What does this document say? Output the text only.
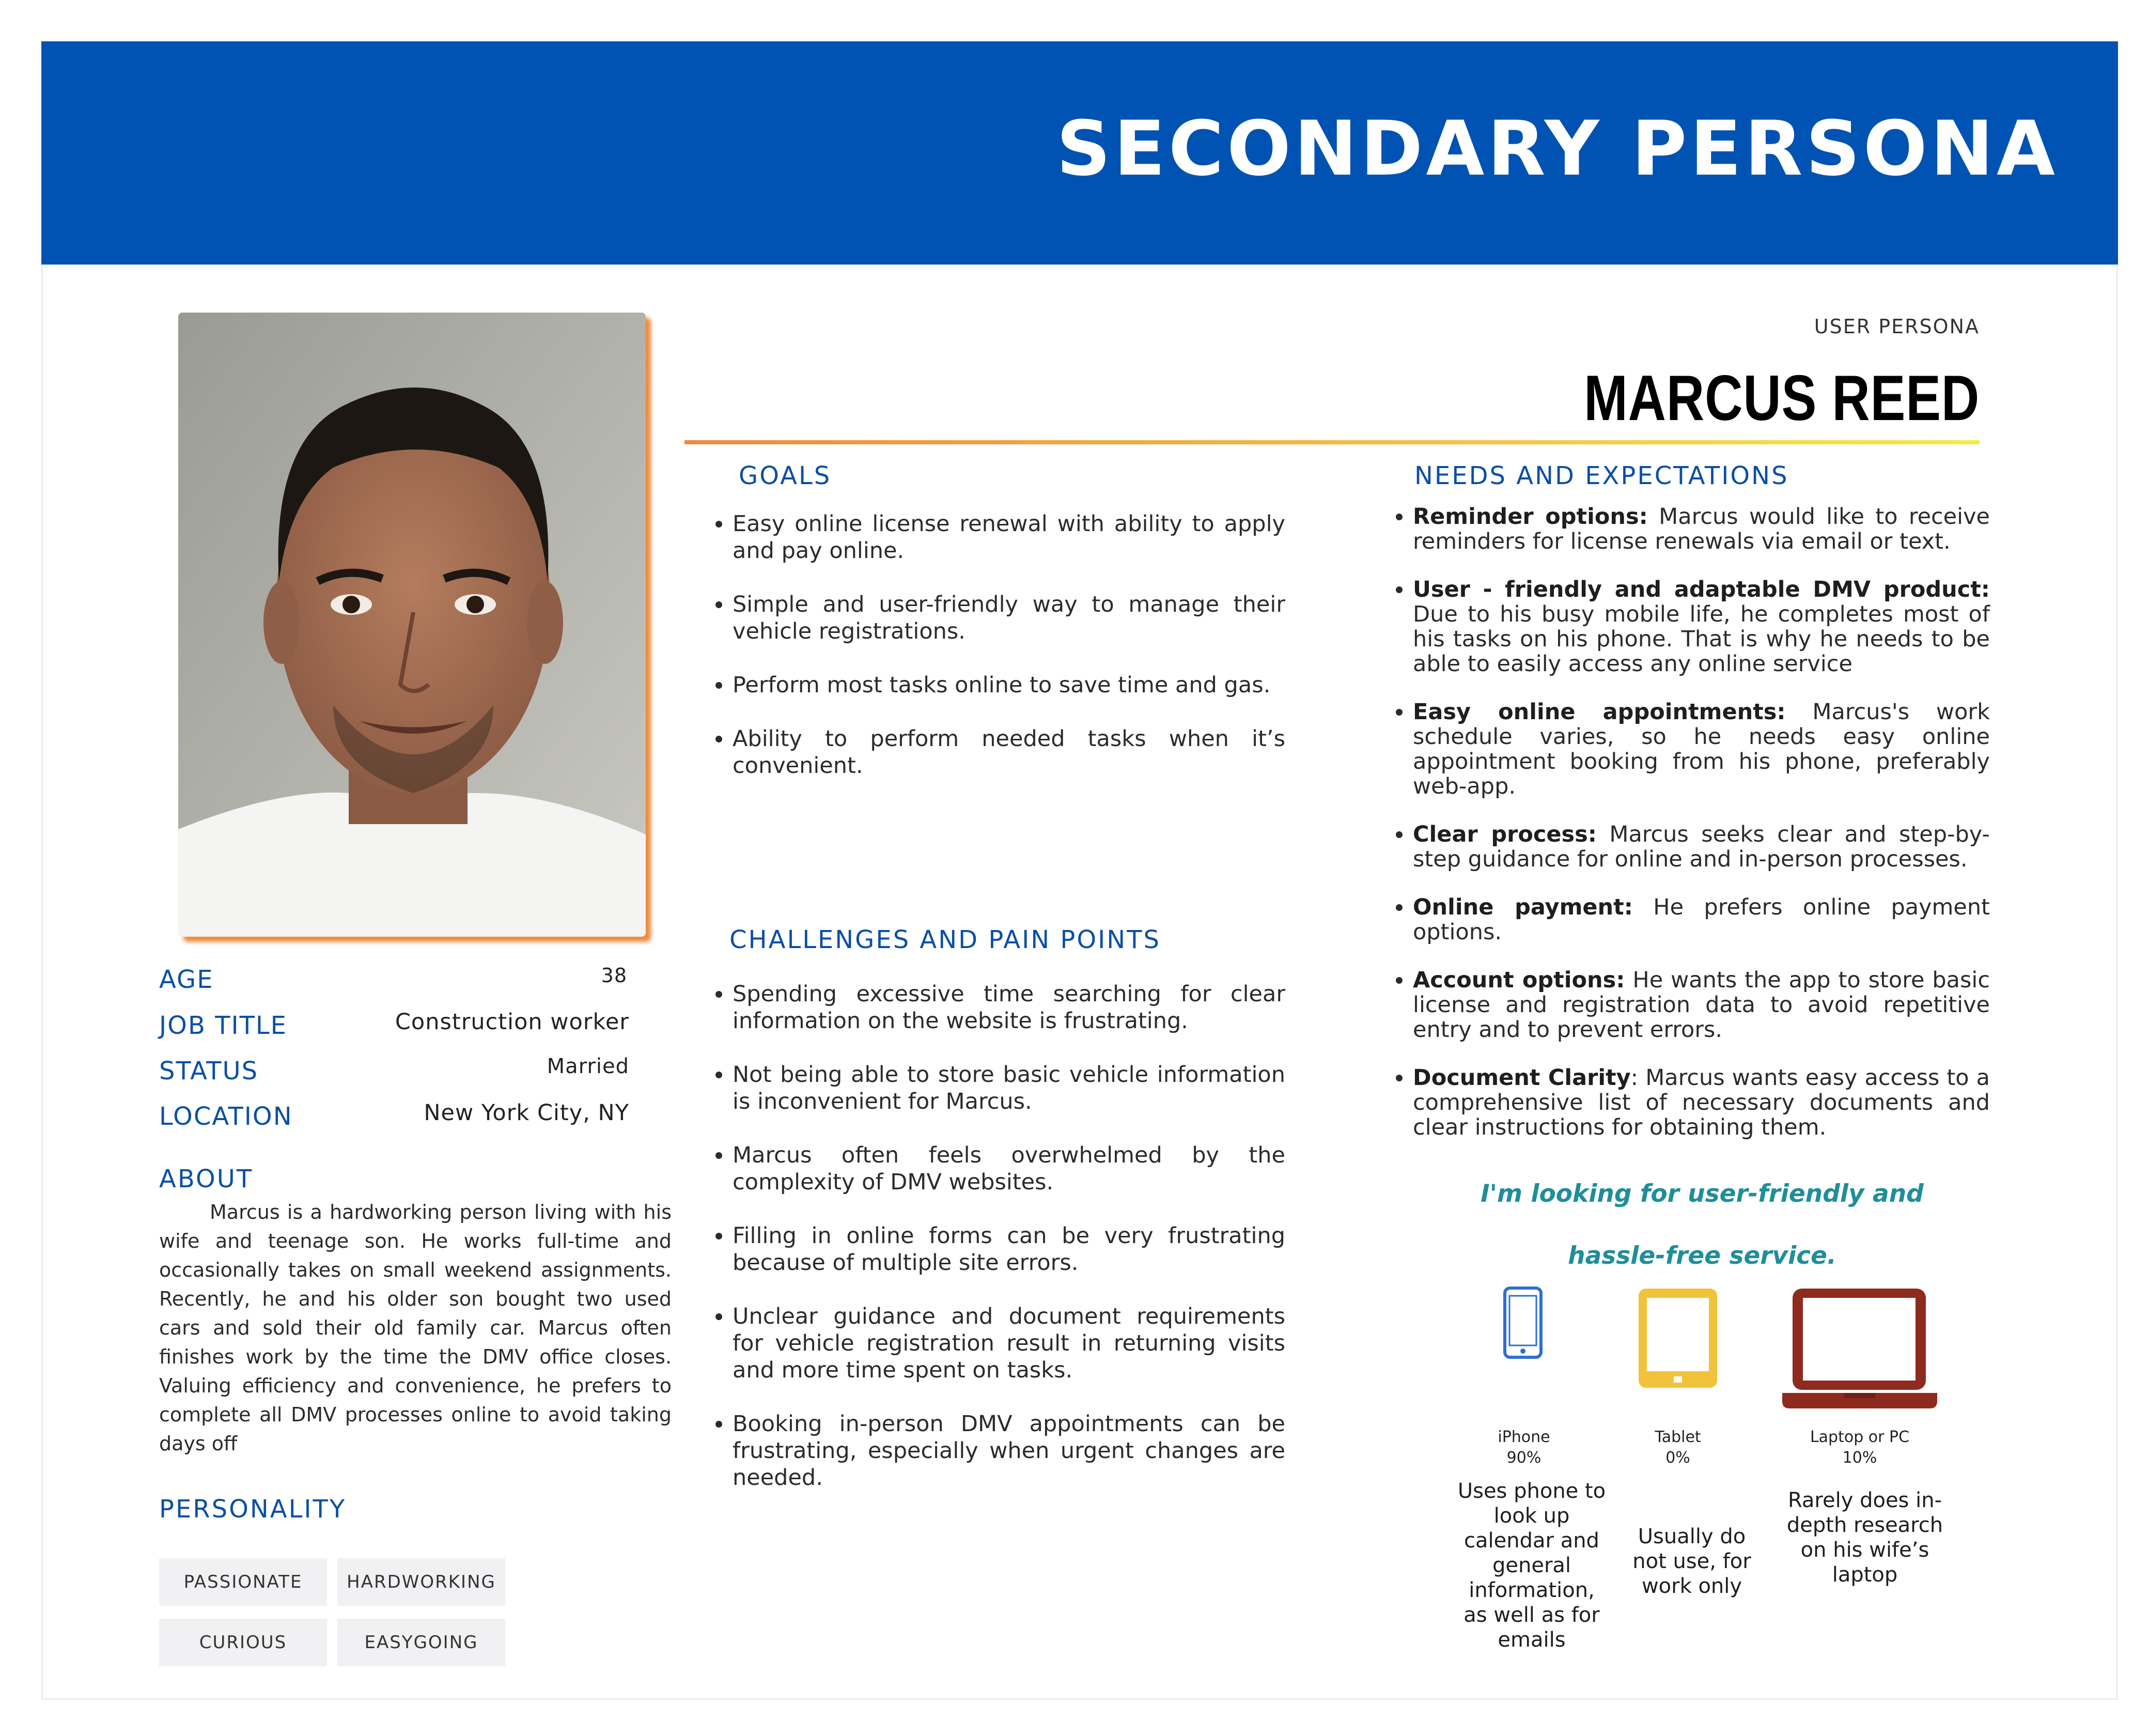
SECONDARY PERSONA
USER PERSONA
MARCUS REED
AGE	38
JOB TITLE	Construction worker
STATUS	Married
LOCATION	New York City, NY
ABOUT
Marcus is a hardworking person living with his wife and teenage son. He works full-time and occasionally takes on small weekend assignments. Recently, he and his older son bought two used cars and sold their old family car. Marcus often finishes work by the time the DMV office closes. Valuing efficiency and convenience, he prefers to complete all DMV processes online to avoid taking days off
PERSONALITY
PASSIONATE	HARDWORKING
CURIOUS	EASYGOING
GOALS
• Easy online license renewal with ability to apply and pay online.
• Simple and user-friendly way to manage their vehicle registrations.
• Perform most tasks online to save time and gas.
• Ability to perform needed tasks when it’s convenient.
CHALLENGES AND PAIN POINTS
• Spending excessive time searching for clear information on the website is frustrating.
• Not being able to store basic vehicle information is inconvenient for Marcus.
• Marcus often feels overwhelmed by the complexity of DMV websites.
• Filling in online forms can be very frustrating because of multiple site errors.
• Unclear guidance and document requirements for vehicle registration result in returning visits and more time spent on tasks.
• Booking in-person DMV appointments can be frustrating, especially when urgent changes are needed.
NEEDS AND EXPECTATIONS
• Reminder options: Marcus would like to receive reminders for license renewals via email or text.
• User - friendly and adaptable DMV product: Due to his busy mobile life, he completes most of his tasks on his phone. That is why he needs to be able to easily access any online service
• Easy online appointments: Marcus's work schedule varies, so he needs easy online appointment booking from his phone, preferably web-app.
• Clear process: Marcus seeks clear and step-by-step guidance for online and in-person processes.
• Online payment: He prefers online payment options.
• Account options: He wants the app to store basic license and registration data to avoid repetitive entry and to prevent errors.
• Document Clarity: Marcus wants easy access to a comprehensive list of necessary documents and clear instructions for obtaining them.
I'm looking for user-friendly and
hassle-free service.
iPhone
90%
Tablet
0%
Laptop or PC
10%
Uses phone to look up calendar and general information, as well as for emails
Usually do not use, for work only
Rarely does in-depth research on his wife’s laptop
